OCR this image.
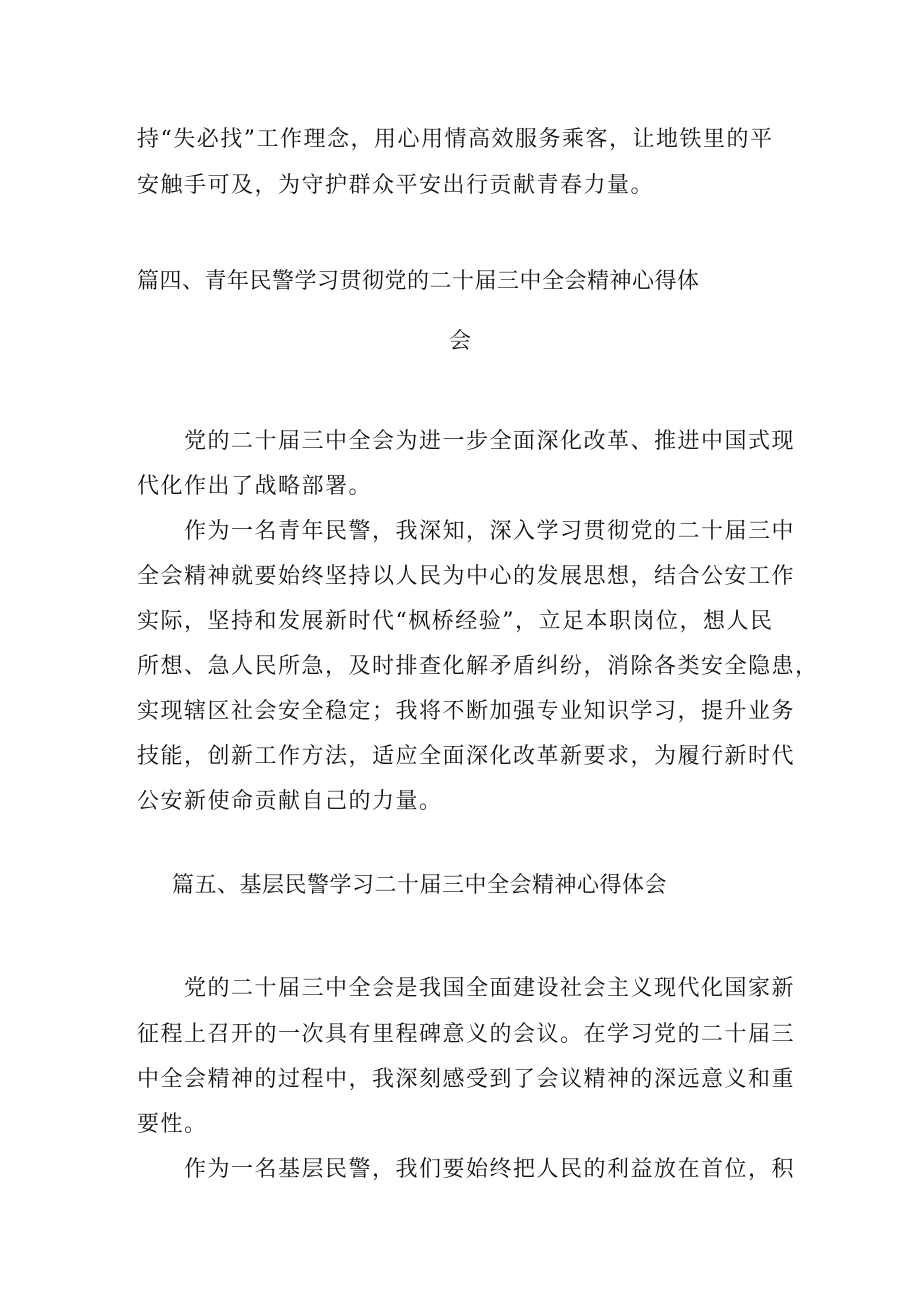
持“失必找”工作理念，用心用情高效服务乘客，让地铁里的平
安触手可及，为守护群众平安出行贡献青春力量。
篇四、青年民警学习贯彻党的二十届三中全会精神心得体
会
党的二十届三中全会为进一步全面深化改革、推进中国式现
代化作出了战略部署。
作为一名青年民警，我深知，深入学习贯彻党的二十届三中
全会精神就要始终坚持以人民为中心的发展思想，结合公安工作
实际，坚持和发展新时代“枫桥经验”，立足本职岗位，想人民
所想、急人民所急，及时排查化解矛盾纠纷，消除各类安全隐患，
实现辖区社会安全稳定；我将不断加强专业知识学习，提升业务
技能，创新工作方法，适应全面深化改革新要求，为履行新时代
公安新使命贡献自己的力量。
篇五、基层民警学习二十届三中全会精神心得体会
党的二十届三中全会是我国全面建设社会主义现代化国家新
征程上召开的一次具有里程碑意义的会议。在学习党的二十届三
中全会精神的过程中，我深刻感受到了会议精神的深远意义和重
要性。
作为一名基层民警，我们要始终把人民的利益放在首位，积
